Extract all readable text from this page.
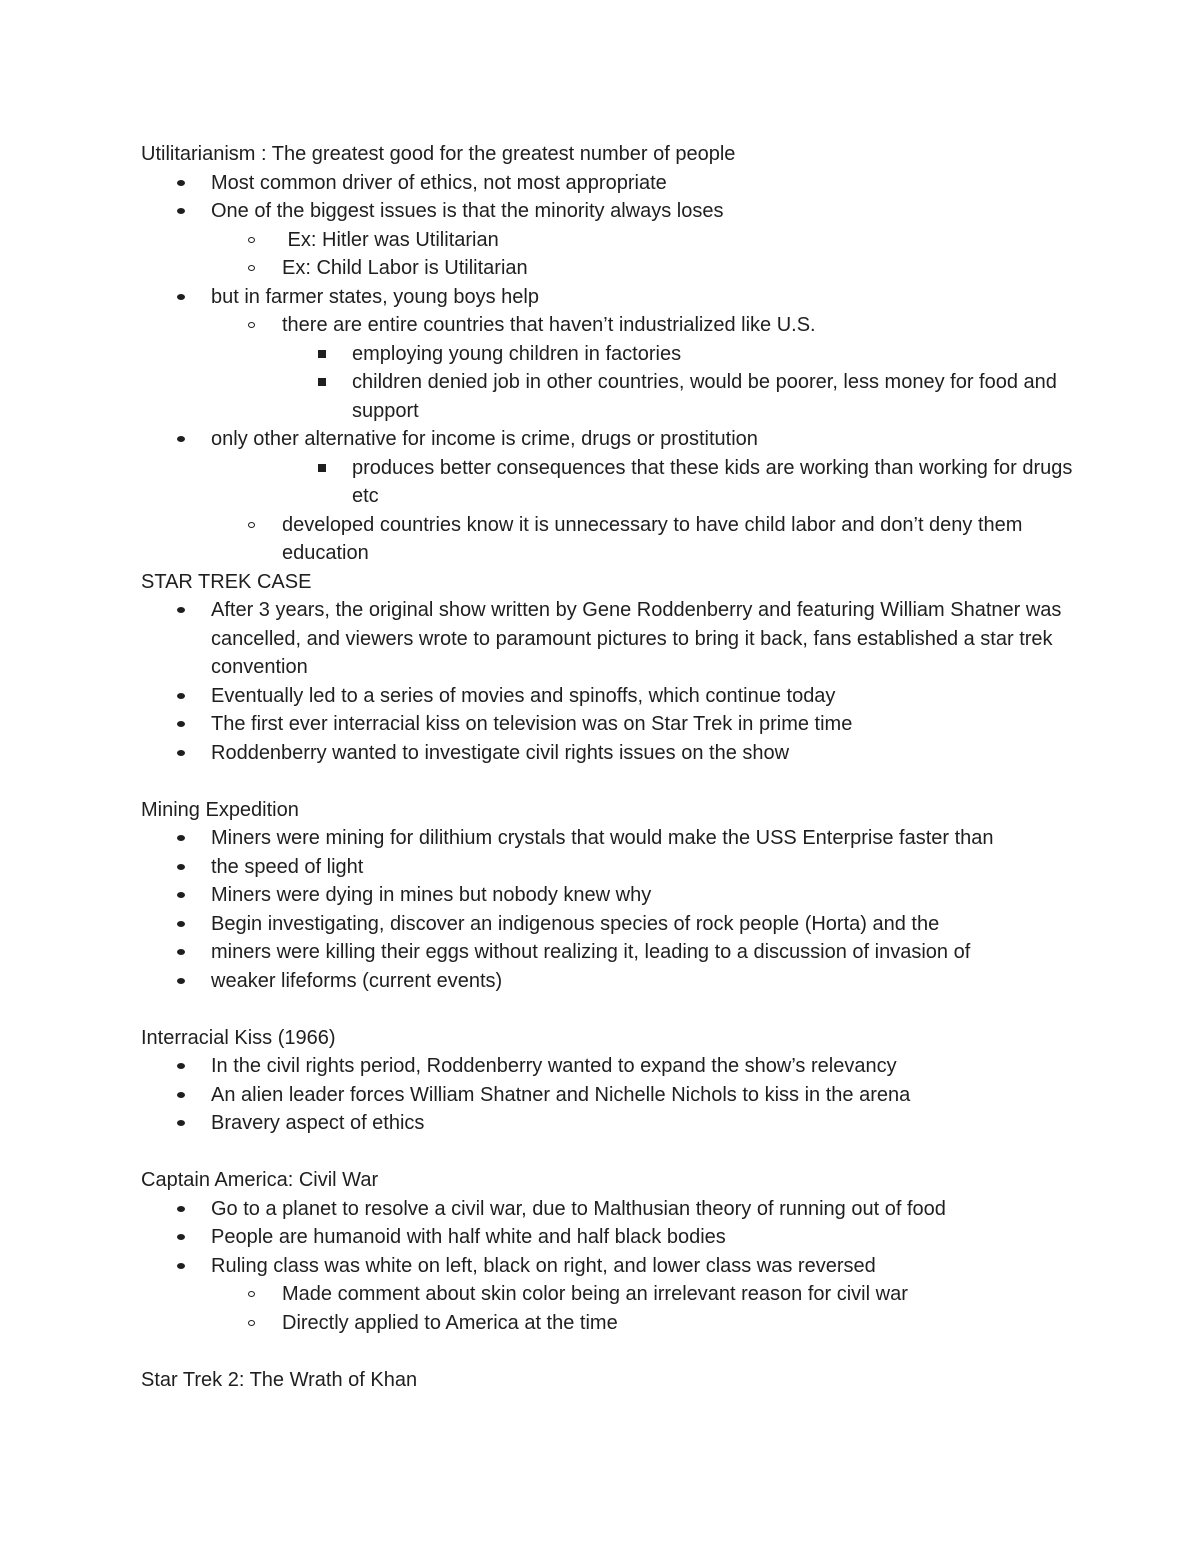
Utilitarianism : The greatest good for the greatest number of people

Most common driver of ethics, not most appropriate
One of the biggest issues is that the minority always loses
Ex: Hitler was Utilitarian
Ex: Child Labor is Utilitarian
but in farmer states, young boys help
there are entire countries that haven’t industrialized like U.S.
employing young children in factories
children denied job in other countries, would be poorer, less money for food and support
only other alternative for income is crime, drugs or prostitution
produces better consequences that these kids are working than working for drugs etc
developed countries know it is unnecessary to have child labor and don’t deny them education

STAR TREK CASE

After 3 years, the original show written by Gene Roddenberry and featuring William Shatner was cancelled, and viewers wrote to paramount pictures to bring it back, fans established a star trek convention
Eventually led to a series of movies and spinoffs, which continue today
The first ever interracial kiss on television was on Star Trek in prime time
Roddenberry wanted to investigate civil rights issues on the show

Mining Expedition

Miners were mining for dilithium crystals that would make the USS Enterprise faster than
the speed of light
Miners were dying in mines but nobody knew why
Begin investigating, discover an indigenous species of rock people (Horta) and the
miners were killing their eggs without realizing it, leading to a discussion of invasion of
weaker lifeforms (current events)

Interracial Kiss (1966)

In the civil rights period, Roddenberry wanted to expand the show’s relevancy
An alien leader forces William Shatner and Nichelle Nichols to kiss in the arena
Bravery aspect of ethics

Captain America: Civil War

Go to a planet to resolve a civil war, due to Malthusian theory of running out of food
People are humanoid with half white and half black bodies
Ruling class was white on left, black on right, and lower class was reversed
Made comment about skin color being an irrelevant reason for civil war
Directly applied to America at the time

Star Trek 2: The Wrath of Khan
